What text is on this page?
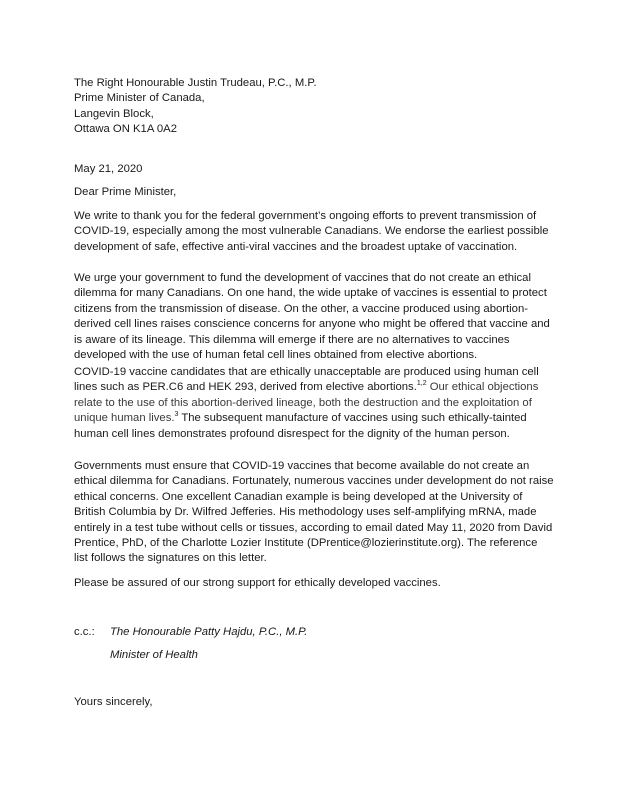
The Right Honourable Justin Trudeau, P.C., M.P.
Prime Minister of Canada,
Langevin Block,
Ottawa ON K1A 0A2
May 21, 2020
Dear Prime Minister,

We write to thank you for the federal government’s ongoing efforts to prevent transmission of COVID-19, especially among the most vulnerable Canadians. We endorse the earliest possible development of safe, effective anti-viral vaccines and the broadest uptake of vaccination.

We urge your government to fund the development of vaccines that do not create an ethical dilemma for many Canadians. On one hand, the wide uptake of vaccines is essential to protect citizens from the transmission of disease. On the other, a vaccine produced using abortion-derived cell lines raises conscience concerns for anyone who might be offered that vaccine and is aware of its lineage. This dilemma will emerge if there are no alternatives to vaccines developed with the use of human fetal cell lines obtained from elective abortions.

COVID-19 vaccine candidates that are ethically unacceptable are produced using human cell lines such as PER.C6 and HEK 293, derived from elective abortions.$^{1,2}$ Our ethical objections relate to the use of this abortion-derived lineage, both the destruction and the exploitation of unique human lives.$^3$ The subsequent manufacture of vaccines using such ethically-tainted human cell lines demonstrates profound disrespect for the dignity of the human person.

Governments must ensure that COVID-19 vaccines that become available do not create an ethical dilemma for Canadians. Fortunately, numerous vaccines under development do not raise ethical concerns. One excellent Canadian example is being developed at the University of British Columbia by Dr. Wilfred Jefferies. His methodology uses self-amplifying mRNA, made entirely in a test tube without cells or tissues, according to email dated May 11, 2020 from David Prentice, PhD, of the Charlotte Lozier Institute (DPrentice@lozierinstitute.org). The reference list follows the signatures on this letter.

Please be assured of our strong support for ethically developed vaccines.

c.c.: The Honourable Patty Hajdu, P.C., M.P.
Minister of Health
Yours sincerely,
